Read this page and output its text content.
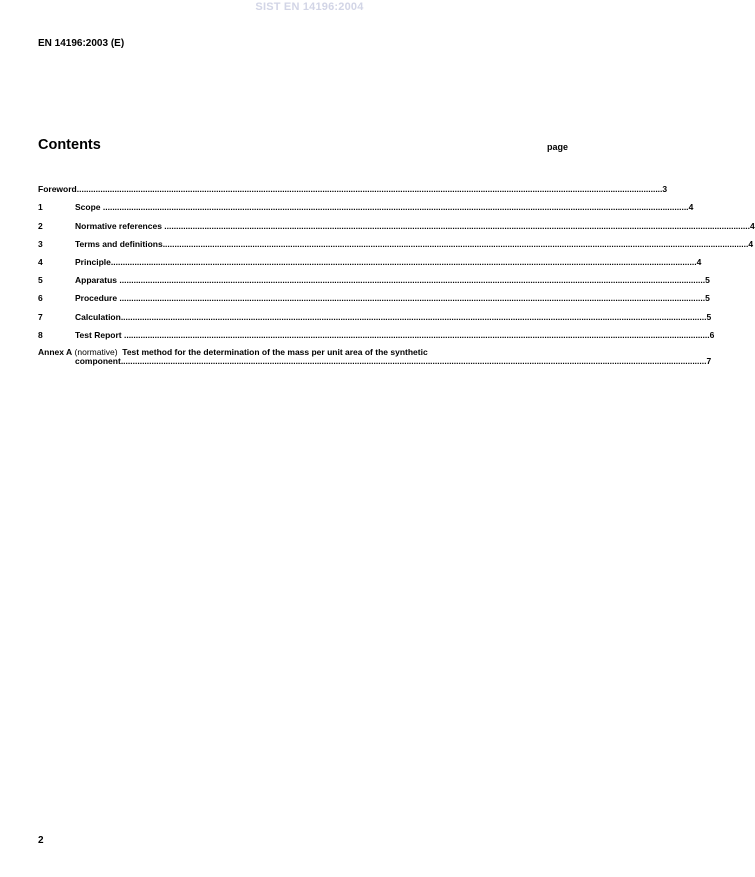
SIST EN 14196:2004
EN 14196:2003 (E)
Contents	page
Foreword ........................................................................................................................................................................................................................................................ 3
1	Scope ........................................................................................................................................................................................................................................................ 4
2	Normative references ........................................................................................................................................................................................................................................................ 4
3	Terms and definitions ........................................................................................................................................................................................................................................................ 4
4	Principle ........................................................................................................................................................................................................................................................ 4
5	Apparatus ........................................................................................................................................................................................................................................................ 5
6	Procedure ........................................................................................................................................................................................................................................................ 5
7	Calculation ........................................................................................................................................................................................................................................................ 5
8	Test Report ........................................................................................................................................................................................................................................................ 6
Annex A (normative) Test method for the determination of the mass per unit area of the synthetic
component ........................................................................................................................................................................................................................................................ 7
2
